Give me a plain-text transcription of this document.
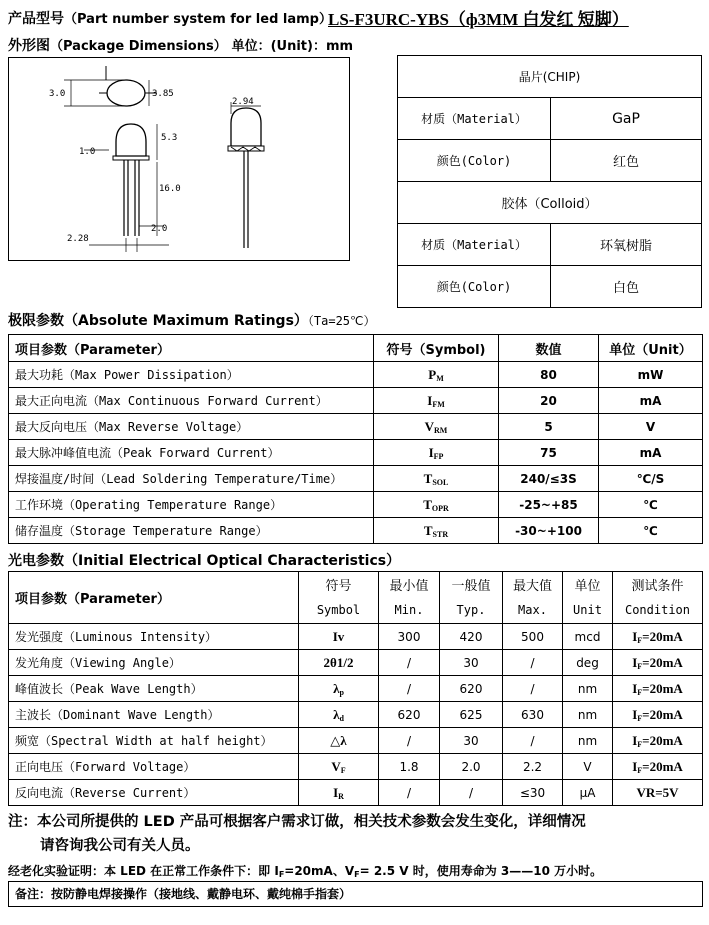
产品型号（Part number system for led lamp）
LS-F3URC-YBS（ф3MM 白发红 短脚）
外形图（Package Dimensions） 单位：(Unit)：mm
3.0	3.85
5.3
1.0
16.0
2.0
2.28
2.94
晶片(CHIP)	
材质（Material）	GaP
颜色(Color)	红色
胶体（Colloid）	
材质（Material）	环氧树脂
颜色(Color)	白色
极限参数（Absolute Maximum Ratings）（Ta=25℃）
项目参数（Parameter）	符号（Symbol)	数值	单位（Unit）
最大功耗（Max Power Dissipation）	$P_M$	80	mW
最大正向电流（Max Continuous Forward Current）	$I_{FM}$	20	mA
最大反向电压（Max Reverse Voltage）	$V_{RM}$	5	V
最大脉冲峰值电流（Peak Forward Current）	$I_{FP}$	75	mA
焊接温度/时间（Lead Soldering Temperature/Time）	$T_{SOL}$	240/≤3S	℃/S
工作环境（Operating Temperature Range）	$T_{OPR}$	-25~+85	℃
储存温度（Storage Temperature Range）	$T_{STR}$	-30~+100	℃
光电参数（Initial Electrical Optical Characteristics）
项目参数（Parameter）	符号	最小值	一般值	最大值	单位	测试条件
	Symbol	Min.	Typ.	Max.	Unit	Condition
发光强度（Luminous Intensity）	Iv	300	420	500	mcd	$I_F=20mA$
发光角度（Viewing Angle）	2θ1/2	/	30	/	deg	$I_F=20mA$
峰值波长（Peak Wave Length）	$\lambda_p$	/	620	/	nm	$I_F=20mA$
主波长（Dominant Wave Length）	$\lambda_d$	620	625	630	nm	$I_F=20mA$
频宽（Spectral Width at half height）	△λ	/	30	/	nm	$I_F=20mA$
正向电压（Forward Voltage）	$V_F$	1.8	2.0	2.2	V	$I_F=20mA$
反向电流（Reverse Current）	$I_R$	/	/	≤30	μA	VR=5V
注：本公司所提供的 LED 产品可根据客户需求订做，相关技术参数会发生变化，详细情况
请咨询我公司有关人员。
经老化实验证明：本 LED 在正常工作条件下：即 $I_F=20mA$、$V_F= 2.5$ V 时，使用寿命为 3——10 万小时。
备注：按防静电焊接操作（接地线、戴静电环、戴纯棉手指套）
